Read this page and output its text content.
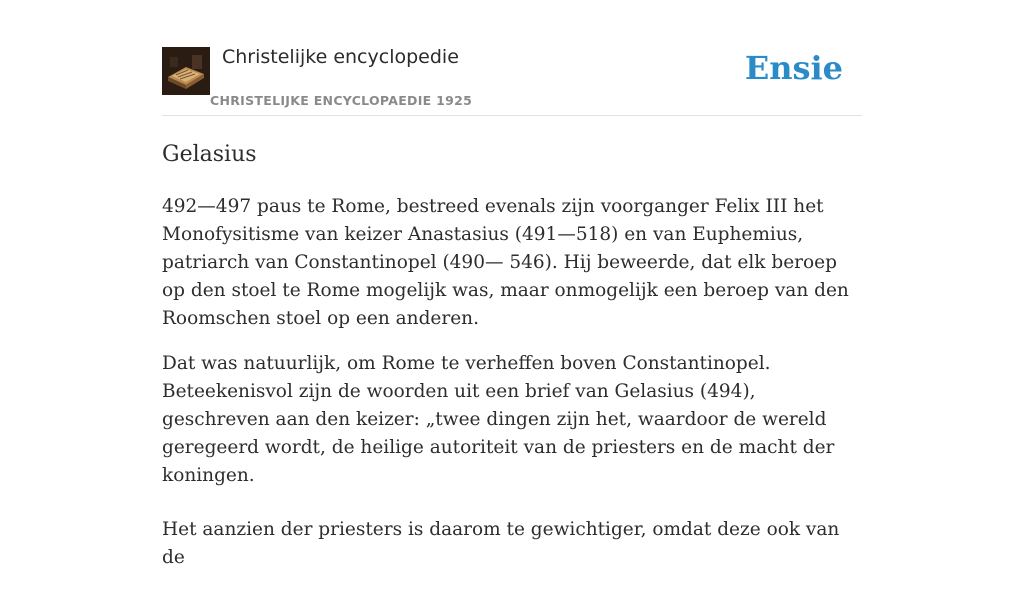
Christelijke encyclopedie
CHRISTELIJKE ENCYCLOPAEDIE 1925
Ensie
Gelasius

492—497 paus te Rome, bestreed evenals zijn voorganger Felix III het Monofysitisme van keizer Anastasius (491—518) en van Euphemius, patriarch van Constantinopel (490— 546). Hij beweerde, dat elk beroep op den stoel te Rome mogelijk was, maar onmogelijk een beroep van den Roomschen stoel op een anderen.

Dat was natuurlijk, om Rome te verheffen boven Constantinopel. Beteekenisvol zijn de woorden uit een brief van Gelasius (494), geschreven aan den keizer: „twee dingen zijn het, waardoor de wereld geregeerd wordt, de heilige autoriteit van de priesters en de macht der koningen.

Het aanzien der priesters is daarom te gewichtiger, omdat deze ook van de
